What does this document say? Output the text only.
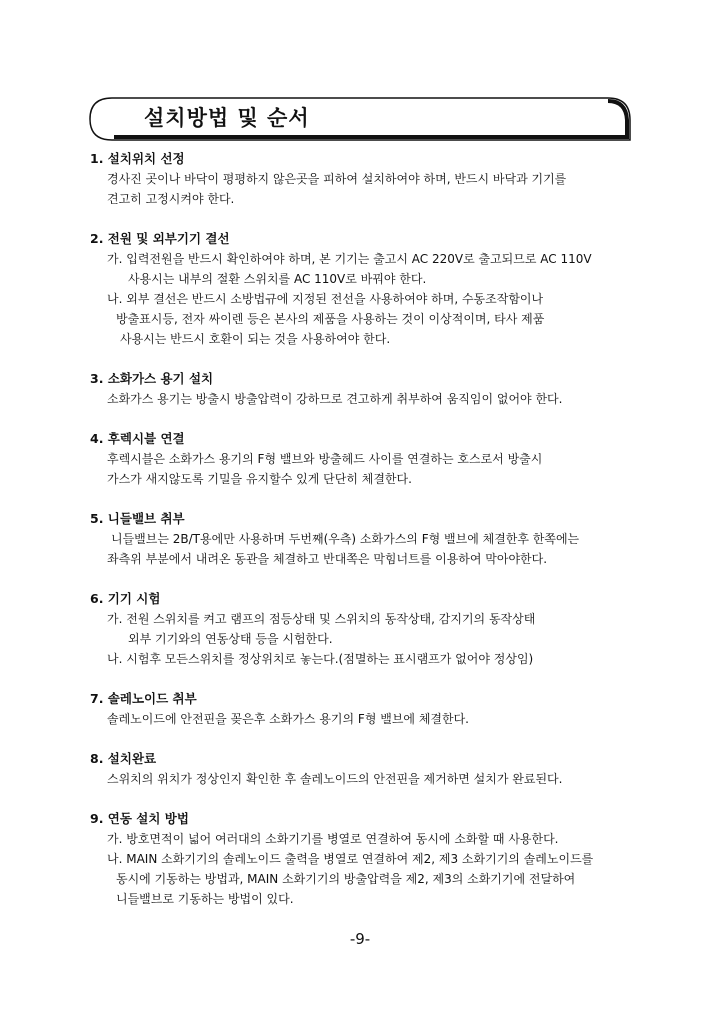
설치방법 및 순서
1. 설치위치 선정
경사진 곳이나 바닥이 평평하지 않은곳을 피하여 설치하여야 하며, 반드시 바닥과 기기를
견고히 고정시켜야 한다.
2. 전원 및 외부기기 결선
가. 입력전원을 반드시 확인하여야 하며, 본 기기는 출고시 AC 220V로 출고되므로 AC 110V
사용시는 내부의 절환 스위치를 AC 110V로 바꿔야 한다.
나. 외부 결선은 반드시 소방법규에 지정된 전선을 사용하여야 하며, 수동조작함이나
방출표시등, 전자 싸이렌 등은 본사의 제품을 사용하는 것이 이상적이며, 타사 제품
사용시는 반드시 호환이 되는 것을 사용하여야 한다.
3. 소화가스 용기 설치
소화가스 용기는 방출시 방출압력이 강하므로 견고하게 취부하여 움직임이 없어야 한다.
4. 후렉시블 연결
후렉시블은 소화가스 용기의 F형 밸브와 방출헤드 사이를 연결하는 호스로서 방출시
가스가 새지않도록 기밀을 유지할수 있게 단단히 체결한다.
5. 니들밸브 취부
니들밸브는 2B/T용에만 사용하며 두번째(우측) 소화가스의 F형 밸브에 체결한후 한쪽에는
좌측위 부분에서 내려온 동관을 체결하고 반대쪽은 막힘너트를 이용하여 막아야한다.
6. 기기 시험
가. 전원 스위치를 켜고 램프의 점등상태 및 스위치의 동작상태, 감지기의 동작상태
외부 기기와의 연동상태 등을 시험한다.
나. 시험후 모든스위치를 정상위치로 놓는다.(점멸하는 표시램프가 없어야 정상임)
7. 솔레노이드 취부
솔레노이드에 안전핀을 꽂은후 소화가스 용기의 F형 밸브에 체결한다.
8. 설치완료
스위치의 위치가 정상인지 확인한 후 솔레노이드의 안전핀을 제거하면 설치가 완료된다.
9. 연동 설치 방법
가. 방호면적이 넓어 여러대의 소화기기를 병열로 연결하여 동시에 소화할 때 사용한다.
나. MAIN 소화기기의 솔레노이드 출력을 병열로 연결하여 제2, 제3 소화기기의 솔레노이드를
동시에 기동하는 방법과, MAIN 소화기기의 방출압력을 제2, 제3의 소화기기에 전달하여
니들밸브로 기동하는 방법이 있다.
-9-
